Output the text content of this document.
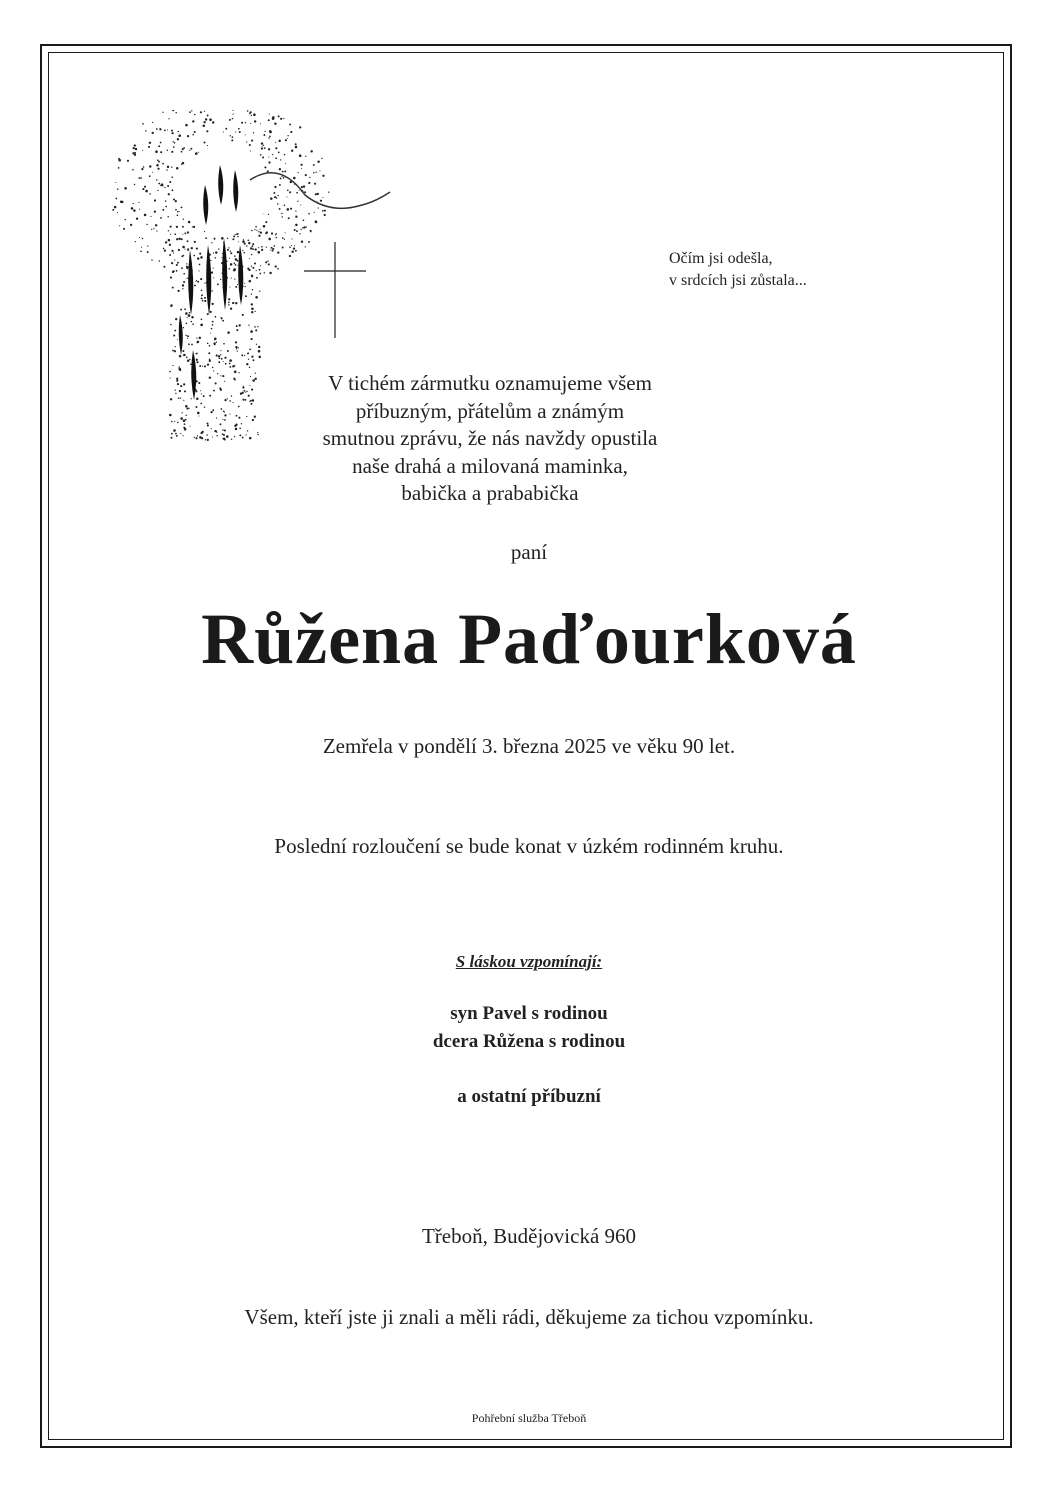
Očím jsi odešla,
v srdcích jsi zůstala...
V tichém zármutku oznamujeme všem
příbuzným, přátelům a známým
smutnou zprávu, že nás navždy opustila
naše drahá a milovaná maminka,
babička a prababička
paní
Růžena Paďourková
Zemřela v pondělí 3. března 2025 ve věku 90 let.
Poslední rozloučení se bude konat v úzkém rodinném kruhu.
S láskou vzpomínají:
syn Pavel s rodinou
dcera Růžena s rodinou
a ostatní příbuzní
Třeboň, Budějovická 960
Všem, kteří jste ji znali a měli rádi, děkujeme za tichou vzpomínku.
Pohřební služba Třeboň
